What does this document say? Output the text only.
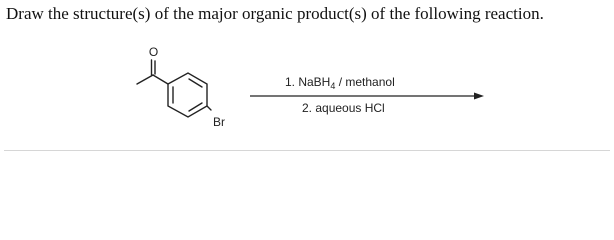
Draw the structure(s) of the major organic product(s) of the following reaction.
O
Br
1. NaBH$_4$ / methanol
2. aqueous HCl
